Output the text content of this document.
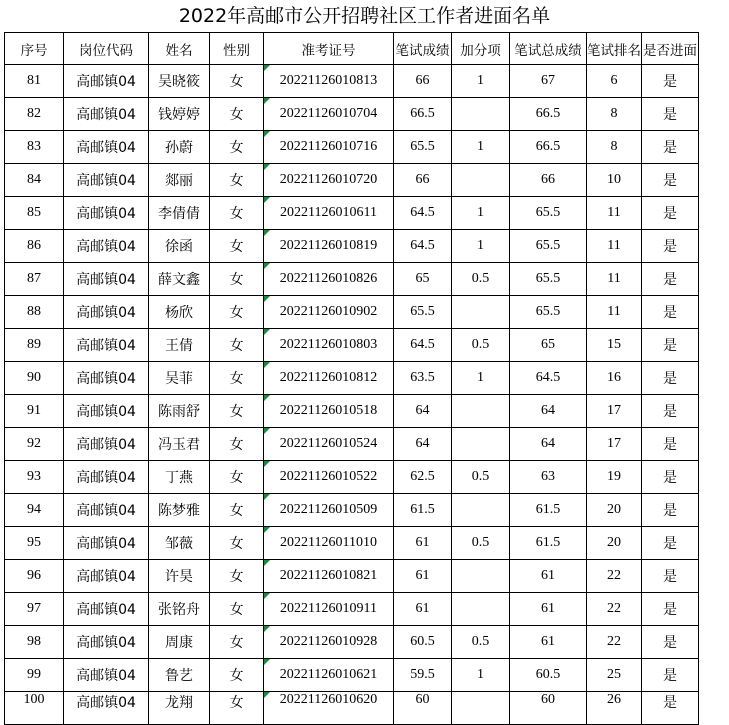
2022年高邮市公开招聘社区工作者进面名单
序号	岗位代码	姓名	性别	准考证号	笔试成绩	加分项	笔试总成绩	笔试排名	是否进面
81	高邮镇04	吴晓筱	女	20221126010813	66	1	67	6	是
82	高邮镇04	钱婷婷	女	20221126010704	66.5		66.5	8	是
83	高邮镇04	孙蔚	女	20221126010716	65.5	1	66.5	8	是
84	高邮镇04	郯丽	女	20221126010720	66		66	10	是
85	高邮镇04	李倩倩	女	20221126010611	64.5	1	65.5	11	是
86	高邮镇04	徐函	女	20221126010819	64.5	1	65.5	11	是
87	高邮镇04	薛文鑫	女	20221126010826	65	0.5	65.5	11	是
88	高邮镇04	杨欣	女	20221126010902	65.5		65.5	11	是
89	高邮镇04	王倩	女	20221126010803	64.5	0.5	65	15	是
90	高邮镇04	吴菲	女	20221126010812	63.5	1	64.5	16	是
91	高邮镇04	陈雨舒	女	20221126010518	64		64	17	是
92	高邮镇04	冯玉君	女	20221126010524	64		64	17	是
93	高邮镇04	丁燕	女	20221126010522	62.5	0.5	63	19	是
94	高邮镇04	陈梦雅	女	20221126010509	61.5		61.5	20	是
95	高邮镇04	邹薇	女	20221126011010	61	0.5	61.5	20	是
96	高邮镇04	许昊	女	20221126010821	61		61	22	是
97	高邮镇04	张铭舟	女	20221126010911	61		61	22	是
98	高邮镇04	周康	女	20221126010928	60.5	0.5	61	22	是
99	高邮镇04	鲁艺	女	20221126010621	59.5	1	60.5	25	是
100	高邮镇04	龙翔	女	20221126010620	60		60	26	是
